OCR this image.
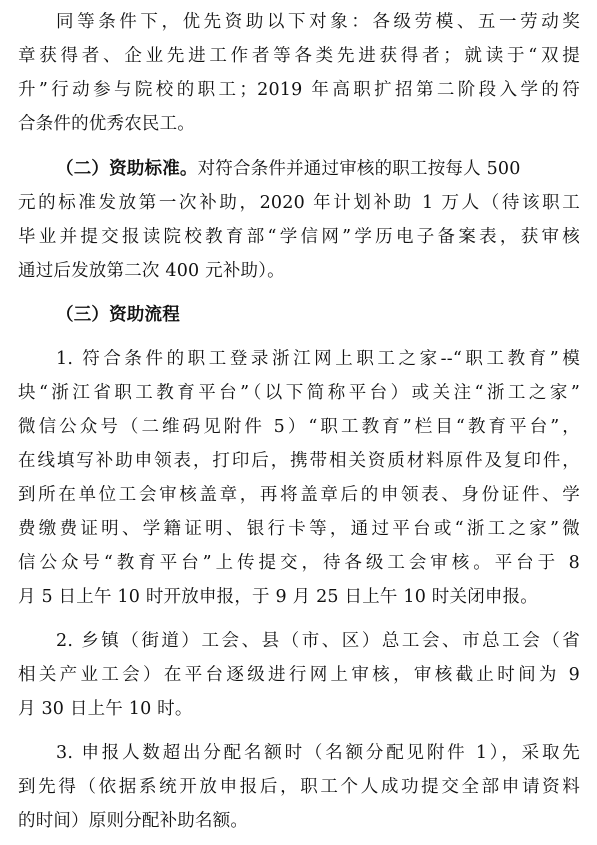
同等条件下，优先资助以下对象：各级劳模、五一劳动奖
章获得者、企业先进工作者等各类先进获得者；就读于“双提
升”行动参与院校的职工；2019 年高职扩招第二阶段入学的符
合条件的优秀农民工。
（二）资助标准。对符合条件并通过审核的职工按每人 500
元的标准发放第一次补助，2020 年计划补助 1 万人（待该职工
毕业并提交报读院校教育部“学信网”学历电子备案表，获审核
通过后发放第二次 400 元补助）。
（三）资助流程
1. 符合条件的职工登录浙江网上职工之家--“职工教育”模
块“浙江省职工教育平台”（以下简称平台）或关注“浙工之家”
微信公众号（二维码见附件 5）“职工教育”栏目“教育平台”，
在线填写补助申领表，打印后，携带相关资质材料原件及复印件，
到所在单位工会审核盖章，再将盖章后的申领表、身份证件、学
费缴费证明、学籍证明、银行卡等，通过平台或“浙工之家”微
信公众号“教育平台”上传提交，待各级工会审核。平台于 8
月 5 日上午 10 时开放申报，于 9 月 25 日上午 10 时关闭申报。
2. 乡镇（街道）工会、县（市、区）总工会、市总工会（省
相关产业工会）在平台逐级进行网上审核，审核截止时间为 9
月 30 日上午 10 时。
3. 申报人数超出分配名额时（名额分配见附件 1），采取先
到先得（依据系统开放申报后，职工个人成功提交全部申请资料
的时间）原则分配补助名额。
